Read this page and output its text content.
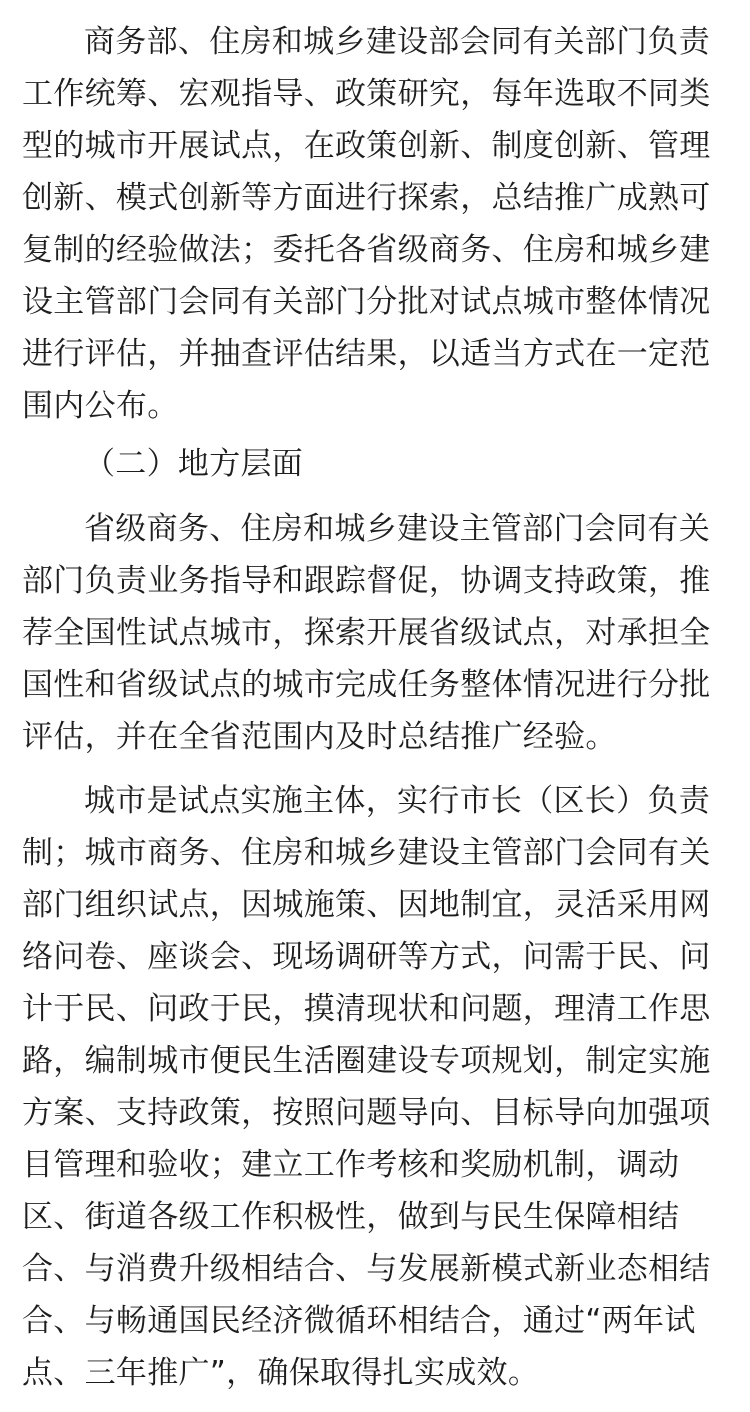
商务部、住房和城乡建设部会同有关部门负责
工作统筹、宏观指导、政策研究，每年选取不同类
型的城市开展试点，在政策创新、制度创新、管理
创新、模式创新等方面进行探索，总结推广成熟可
复制的经验做法；委托各省级商务、住房和城乡建
设主管部门会同有关部门分批对试点城市整体情况
进行评估，并抽查评估结果，以适当方式在一定范
围内公布。
（二）地方层面
省级商务、住房和城乡建设主管部门会同有关
部门负责业务指导和跟踪督促，协调支持政策，推
荐全国性试点城市，探索开展省级试点，对承担全
国性和省级试点的城市完成任务整体情况进行分批
评估，并在全省范围内及时总结推广经验。
城市是试点实施主体，实行市长（区长）负责
制；城市商务、住房和城乡建设主管部门会同有关
部门组织试点，因城施策、因地制宜，灵活采用网
络问卷、座谈会、现场调研等方式，问需于民、问
计于民、问政于民，摸清现状和问题，理清工作思
路，编制城市便民生活圈建设专项规划，制定实施
方案、支持政策，按照问题导向、目标导向加强项
目管理和验收；建立工作考核和奖励机制，调动
区、街道各级工作积极性，做到与民生保障相结
合、与消费升级相结合、与发展新模式新业态相结
合、与畅通国民经济微循环相结合，通过“两年试
点、三年推广”，确保取得扎实成效。
